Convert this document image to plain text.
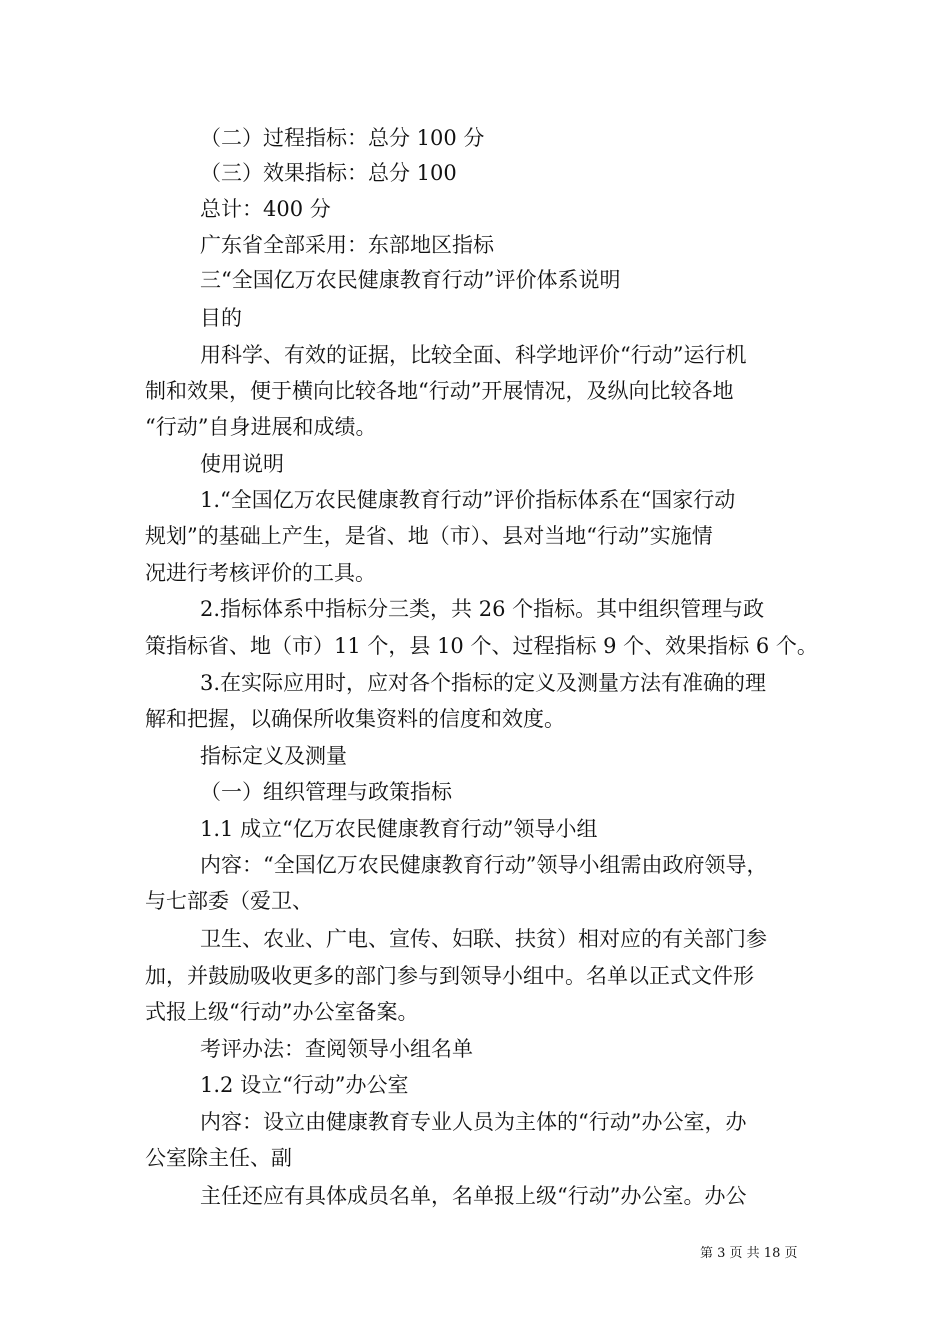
（二）过程指标：总分 100 分
（三）效果指标：总分 100
总计：400 分
广东省全部采用：东部地区指标
三“全国亿万农民健康教育行动”评价体系说明
目的
用科学、有效的证据，比较全面、科学地评价“行动”运行机
制和效果，便于横向比较各地“行动”开展情况，及纵向比较各地
“行动”自身进展和成绩。
使用说明
1.“全国亿万农民健康教育行动”评价指标体系在“国家行动
规划”的基础上产生，是省、地（市）、县对当地“行动”实施情
况进行考核评价的工具。
2.指标体系中指标分三类，共 26 个指标。其中组织管理与政
策指标省、地（市）11 个，县 10 个、过程指标 9 个、效果指标 6 个。
3.在实际应用时，应对各个指标的定义及测量方法有准确的理
解和把握，以确保所收集资料的信度和效度。
指标定义及测量
（一）组织管理与政策指标
1.1 成立“亿万农民健康教育行动”领导小组
内容：“全国亿万农民健康教育行动”领导小组需由政府领导，
与七部委（爱卫、
卫生、农业、广电、宣传、妇联、扶贫）相对应的有关部门参
加，并鼓励吸收更多的部门参与到领导小组中。名单以正式文件形
式报上级“行动”办公室备案。
考评办法：查阅领导小组名单
1.2 设立“行动”办公室
内容：设立由健康教育专业人员为主体的“行动”办公室，办
公室除主任、副
主任还应有具体成员名单，名单报上级“行动”办公室。办公
第 3 页 共 18 页
